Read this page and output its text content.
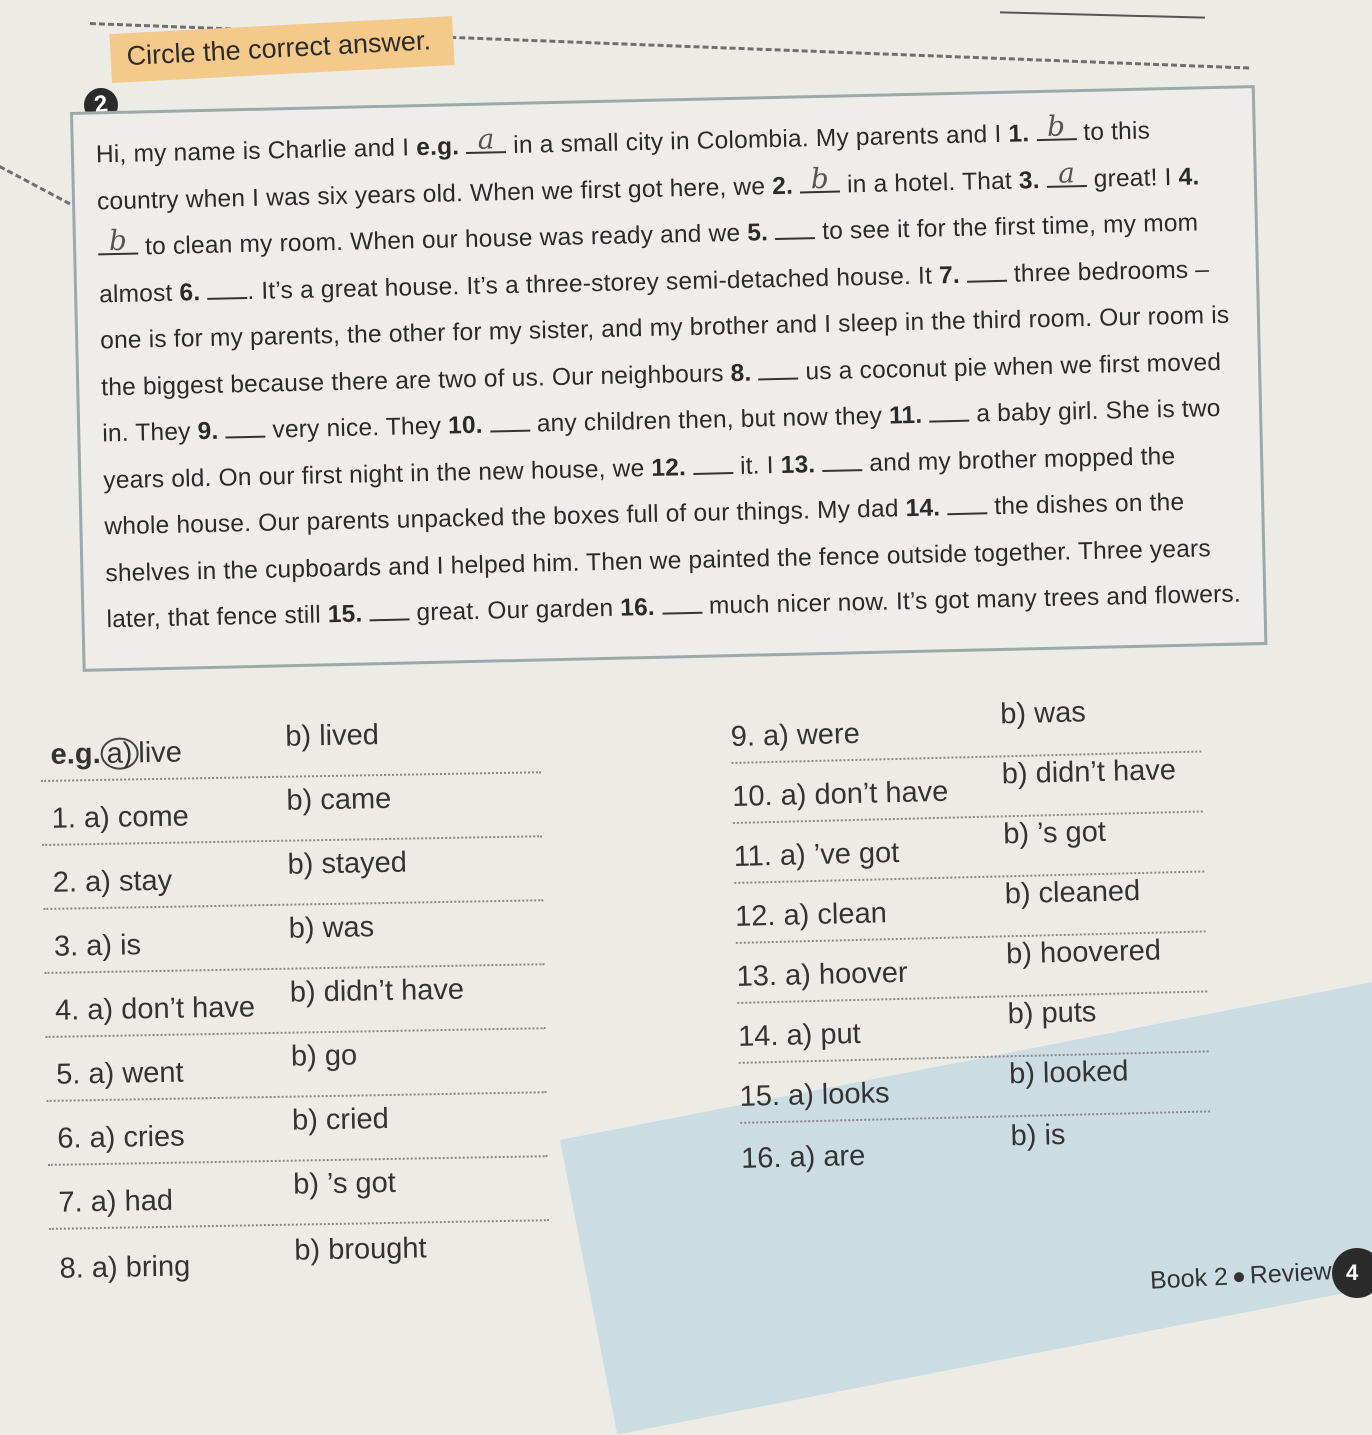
Circle the correct answer.
2

Hi, my name is Charlie and I e.g. a in a small city in Colombia. My parents and I 1. b to this country when I was six years old. When we first got here, we 2. b in a hotel. That 3. a great! I 4.
b to clean my room. When our house was ready and we 5.  to see it for the first time, my mom almost 6. . It’s a great house. It’s a three-storey semi-detached house. It 7.  three bedrooms – one is for my parents, the other for my sister, and my brother and I sleep in the third room. Our room is the biggest because there are two of us. Our neighbours 8.  us a coconut pie when we first moved in. They 9.  very nice. They 10.  any children then, but now they 11.  a baby girl. She is two years old. On our first night in the new house, we 12.  it. I 13.  and my brother mopped the whole house. Our parents unpacked the boxes full of our things. My dad 14.  the dishes on the shelves in the cupboards and I helped him. Then we painted the fence outside together. Three years later, that fence still 15.  great. Our garden 16.  much nicer now. It’s got many trees and flowers.

e.g. a) live
b) lived
1. a) come
b) came
2. a) stay
b) stayed
3. a) is
b) was
4. a) don’t have
b) didn’t have
5. a) went
b) go
6. a) cries
b) cried
7. a) had
b) ’s got
8. a) bring
b) brought
9. a) were
b) was
10. a) don’t have
b) didn’t have
11. a) ’ve got
b) ’s got
12. a) clean
b) cleaned
13. a) hoover
b) hoovered
14. a) put
b) puts
15. a) looks
b) looked
16. a) are
b) is
Book 2 Review 4
